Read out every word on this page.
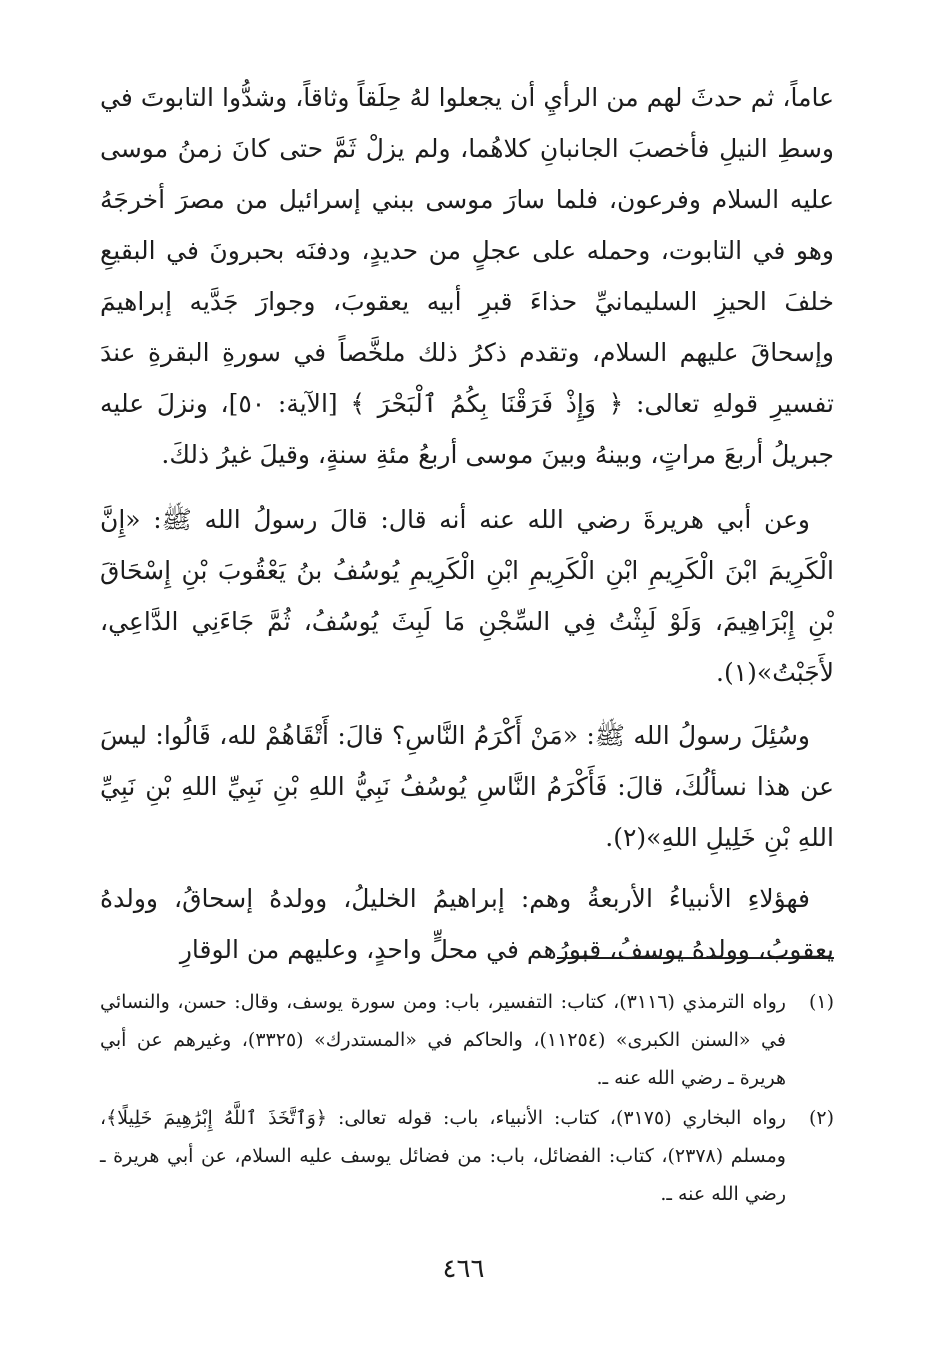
عاماً، ثم حدثَ لهم من الرأيِ أن يجعلوا لهُ حِلَقاً وثاقاً، وشدُّوا التابوتَ في وسطِ النيلِ فأخصبَ الجانبانِ كلاهُما، ولم يزلْ ثَمَّ حتى كانَ زمنُ موسى عليه السلام وفرعون، فلما سارَ موسى ببني إسرائيل من مصرَ أخرجَهُ وهو في التابوت، وحمله على عجلٍ من حديدٍ، ودفنَه بحبرونَ في البقيعِ خلفَ الحيزِ السليمانيِّ حذاءَ قبرِ أبيه يعقوبَ، وجوارَ جَدَّيه إبراهيمَ وإسحاقَ عليهم السلام، وتقدم ذكرُ ذلك ملخَّصاً في سورةِ البقرةِ عندَ تفسيرِ قولهِ تعالى: ﴿ وَإِذْ فَرَقْنَا بِكُمُ ٱلْبَحْرَ ﴾ [الآية: ٥٠]، ونزلَ عليه جبريلُ أربعَ مراتٍ، وبينهُ وبينَ موسى أربعُ مئةِ سنةٍ، وقيلَ غيرُ ذلكَ.

وعن أبي هريرةَ رضي الله عنه أنه قال: قالَ رسولُ الله ﷺ: «إِنَّ الْكَرِيمَ ابْنَ الْكَرِيمِ ابْنِ الْكَرِيمِ ابْنِ الْكَرِيمِ يُوسُفُ بنُ يَعْقُوبَ بْنِ إِسْحَاقَ بْنِ إِبْرَاهِيمَ، وَلَوْ لَبِثْتُ فِي السِّجْنِ مَا لَبِثَ يُوسُفُ، ثُمَّ جَاءَنِي الدَّاعِي، لأَجَبْتُ»(١).

وسُئِلَ رسولُ الله ﷺ: «مَنْ أَكْرَمُ النَّاسِ؟ قالَ: أَتْقَاهُمْ لله، قَالُوا: ليسَ عن هذا نسألُكَ، قالَ: فَأَكْرَمُ النَّاسِ يُوسُفُ نَبِيُّ اللهِ بْنِ نَبِيِّ اللهِ بْنِ نَبِيِّ اللهِ بْنِ خَلِيلِ اللهِ»(٢).

فهؤلاءِ الأنبياءُ الأربعةُ وهم: إبراهيمُ الخليلُ، وولدهُ إسحاقُ، وولدهُ يعقوبُ، وولدهُ يوسفُ، قبورُهم في محلٍّ واحدٍ، وعليهم من الوقارِ

(١)
رواه الترمذي (٣١١٦)، كتاب: التفسير، باب: ومن سورة يوسف، وقال: حسن، والنسائي في «السنن الكبرى» (١١٢٥٤)، والحاكم في «المستدرك» (٣٣٢٥)، وغيرهم عن أبي هريرة ـ رضي الله عنه ـ.

(٢)
رواه البخاري (٣١٧٥)، كتاب: الأنبياء، باب: قوله تعالى: ﴿وَٱتَّخَذَ ٱللَّهُ إِبْرَٰهِيمَ خَلِيلًا﴾، ومسلم (٢٣٧٨)، كتاب: الفضائل، باب: من فضائل يوسف عليه السلام، عن أبي هريرة ـ رضي الله عنه ـ.

٤٦٦
